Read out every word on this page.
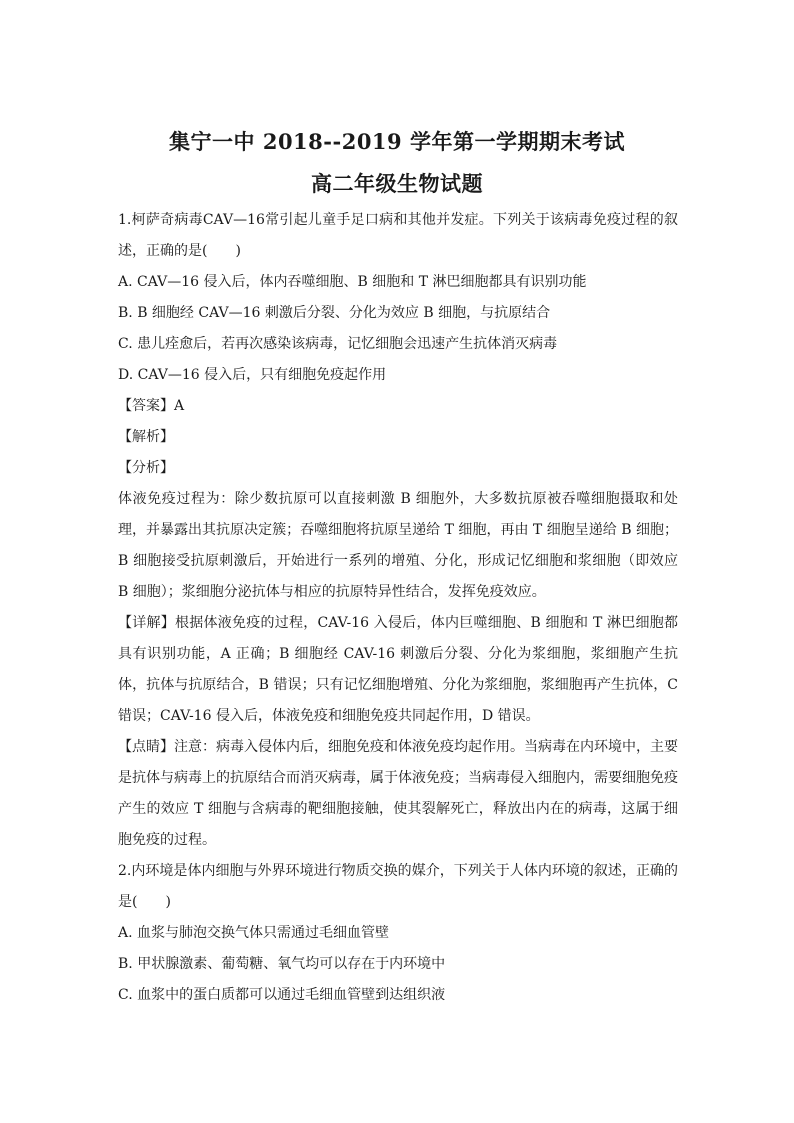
集宁一中 2018--2019 学年第一学期期末考试
高二年级生物试题

1.柯萨奇病毒CAV—16常引起儿童手足口病和其他并发症。下列关于该病毒免疫过程的叙述，正确的是(　　)

A. CAV—16 侵入后，体内吞噬细胞、B 细胞和 T 淋巴细胞都具有识别功能

B. B 细胞经 CAV—16 刺激后分裂、分化为效应 B 细胞，与抗原结合

C. 患儿痊愈后，若再次感染该病毒，记忆细胞会迅速产生抗体消灭病毒

D. CAV—16 侵入后，只有细胞免疫起作用

【答案】A

【解析】

【分析】

体液免疫过程为：除少数抗原可以直接刺激 B 细胞外，大多数抗原被吞噬细胞摄取和处理，并暴露出其抗原决定簇；吞噬细胞将抗原呈递给 T 细胞，再由 T 细胞呈递给 B 细胞；B 细胞接受抗原刺激后，开始进行一系列的增殖、分化，形成记忆细胞和浆细胞（即效应 B 细胞）；浆细胞分泌抗体与相应的抗原特异性结合，发挥免疫效应。

【详解】根据体液免疫的过程，CAV-16 入侵后，体内巨噬细胞、B 细胞和 T 淋巴细胞都具有识别功能，A 正确；B 细胞经 CAV-16 刺激后分裂、分化为浆细胞，浆细胞产生抗体，抗体与抗原结合，B 错误；只有记忆细胞增殖、分化为浆细胞，浆细胞再产生抗体，C 错误；CAV-16 侵入后，体液免疫和细胞免疫共同起作用，D 错误。

【点睛】注意：病毒入侵体内后，细胞免疫和体液免疫均起作用。当病毒在内环境中，主要是抗体与病毒上的抗原结合而消灭病毒，属于体液免疫；当病毒侵入细胞内，需要细胞免疫产生的效应 T 细胞与含病毒的靶细胞接触，使其裂解死亡，释放出内在的病毒，这属于细胞免疫的过程。

2.内环境是体内细胞与外界环境进行物质交换的媒介，下列关于人体内环境的叙述，正确的是(　　)

A. 血浆与肺泡交换气体只需通过毛细血管壁

B. 甲状腺激素、葡萄糖、氧气均可以存在于内环境中

C. 血浆中的蛋白质都可以通过毛细血管壁到达组织液
